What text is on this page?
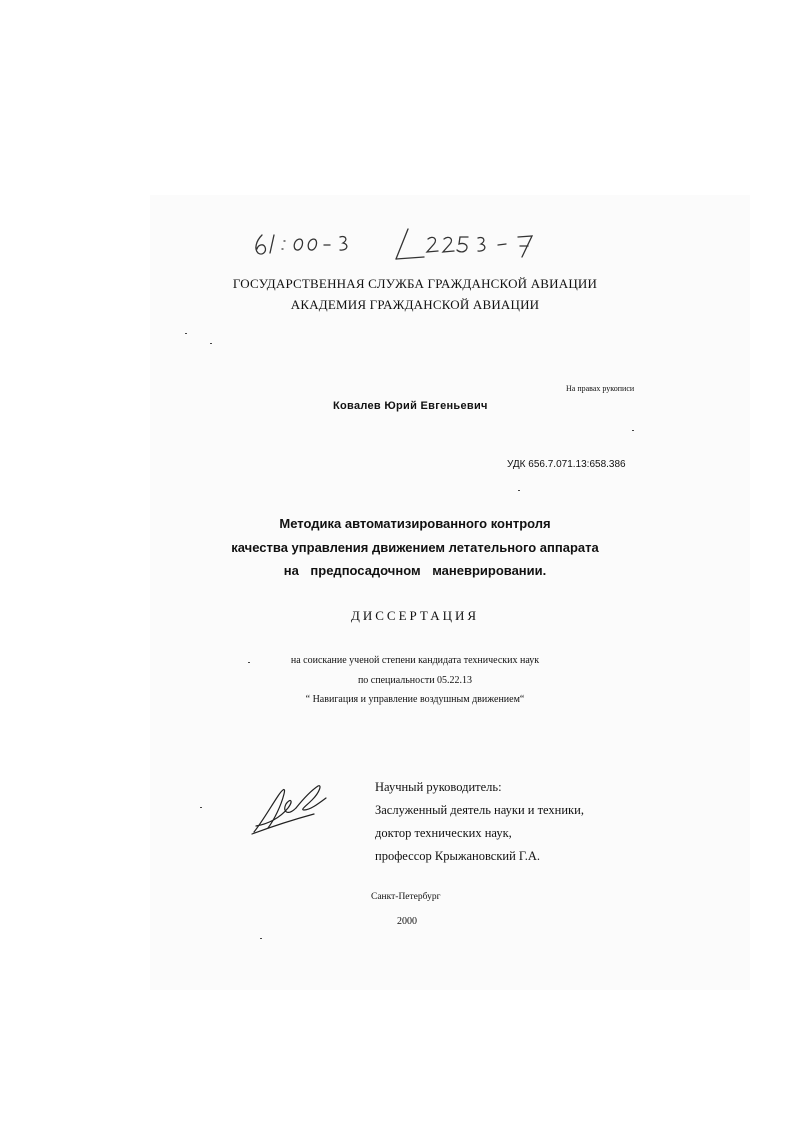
ГОСУДАРСТВЕННАЯ СЛУЖБА ГРАЖДАНСКОЙ АВИАЦИИ
АКАДЕМИЯ ГРАЖДАНСКОЙ АВИАЦИИ
На правах рукописи
Ковалев Юрий Евгеньевич
УДК 656.7.071.13:658.386
Методика автоматизированного контроля
качества управления движением летательного аппарата
на предпосадочном маневрировании.
ДИССЕРТАЦИЯ
на соискание ученой степени кандидата технических наук
по специальности 05.22.13
“ Навигация и управление воздушным движением“
Научный руководитель:
Заслуженный деятель науки и техники,
доктор технических наук,
профессор Крыжановский Г.А.
Санкт-Петербург
2000
